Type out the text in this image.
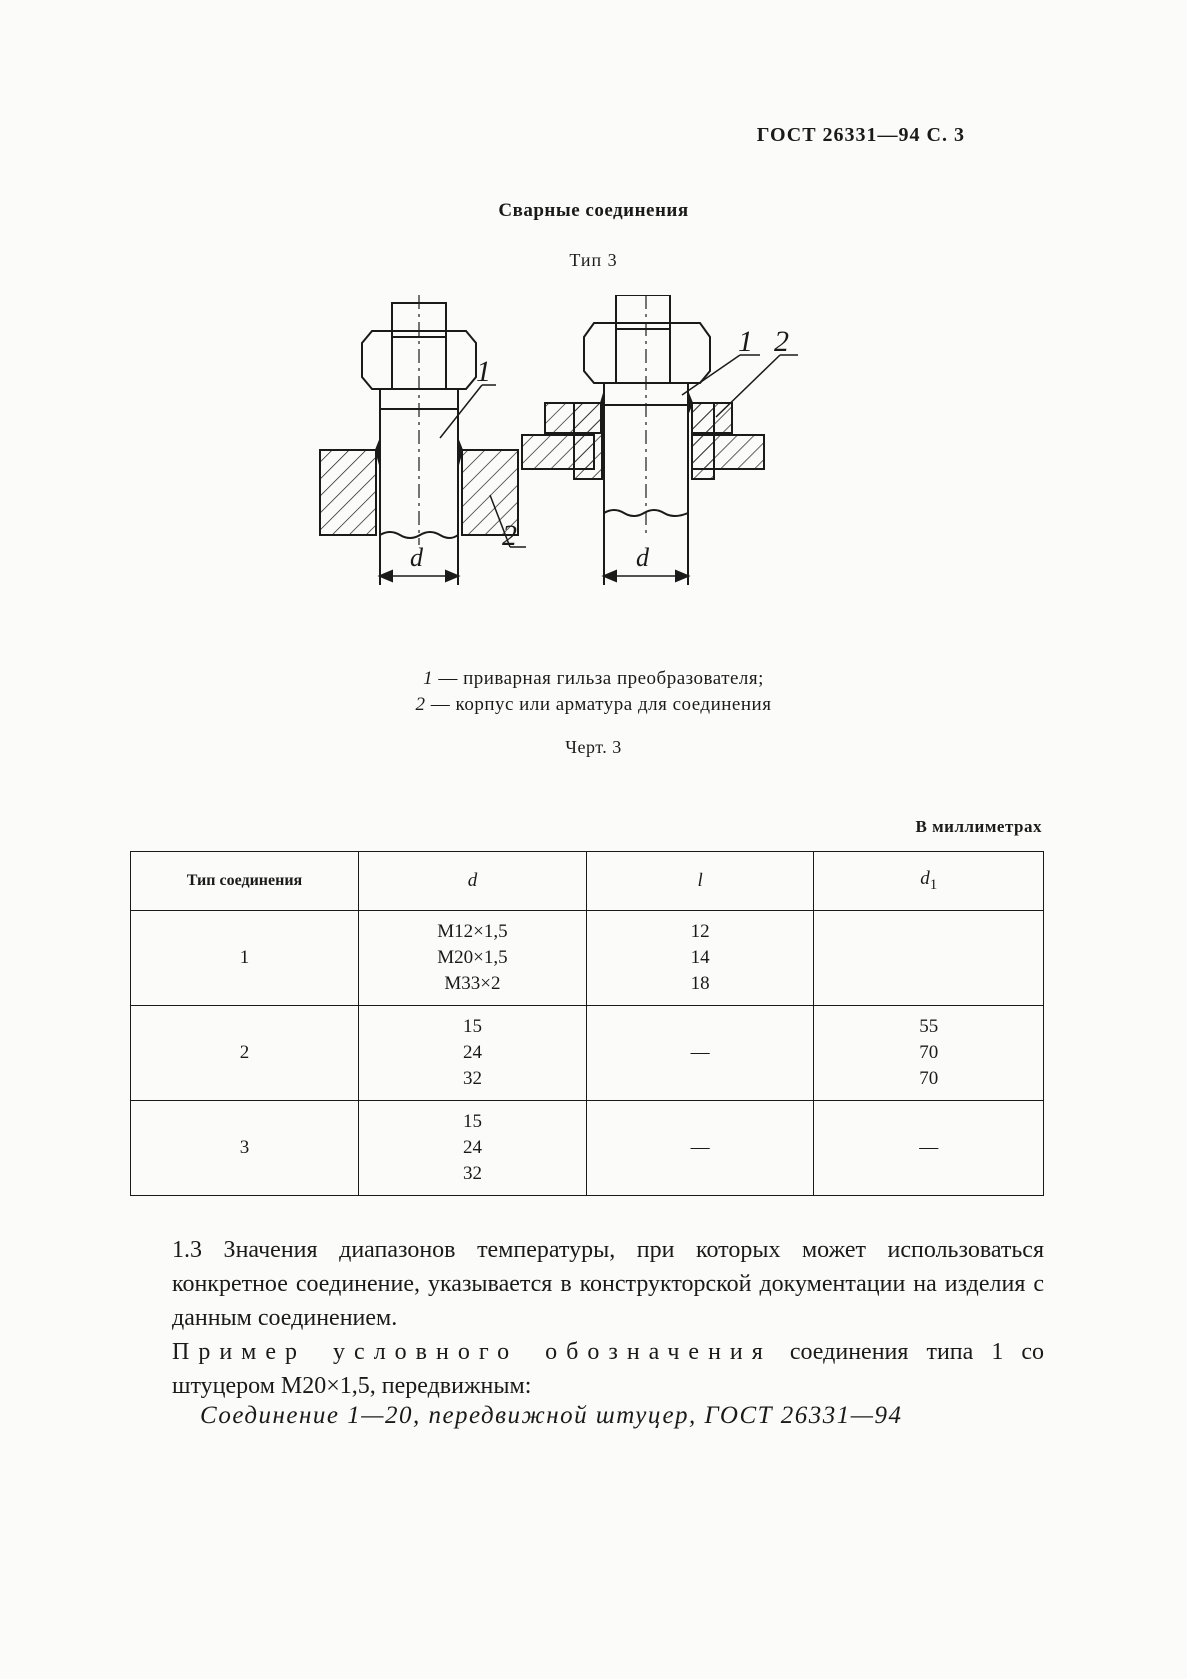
ГОСТ 26331—94 С. 3
Сварные соединения
Тип 3
1
2
d
1 2
d
1 — приварная гильза преобразователя;
2 — корпус или арматура для соединения
Черт. 3
В миллиметрах
Тип соединения	d	l	$d_1$
1	М12×1,5
М20×1,5
М33×2	12
14
18	

2	15
24
32	—	55
70
70

3	15
24
32	—	—
1.3 Значения диапазонов температуры, при которых может использоваться конкретное соединение, указывается в конструкторской документации на изделия с данным соединением.
Пример условного обозначения соединения типа 1 со штуцером М20×1,5, передвижным:
Соединение 1—20, передвижной штуцер, ГОСТ 26331—94
